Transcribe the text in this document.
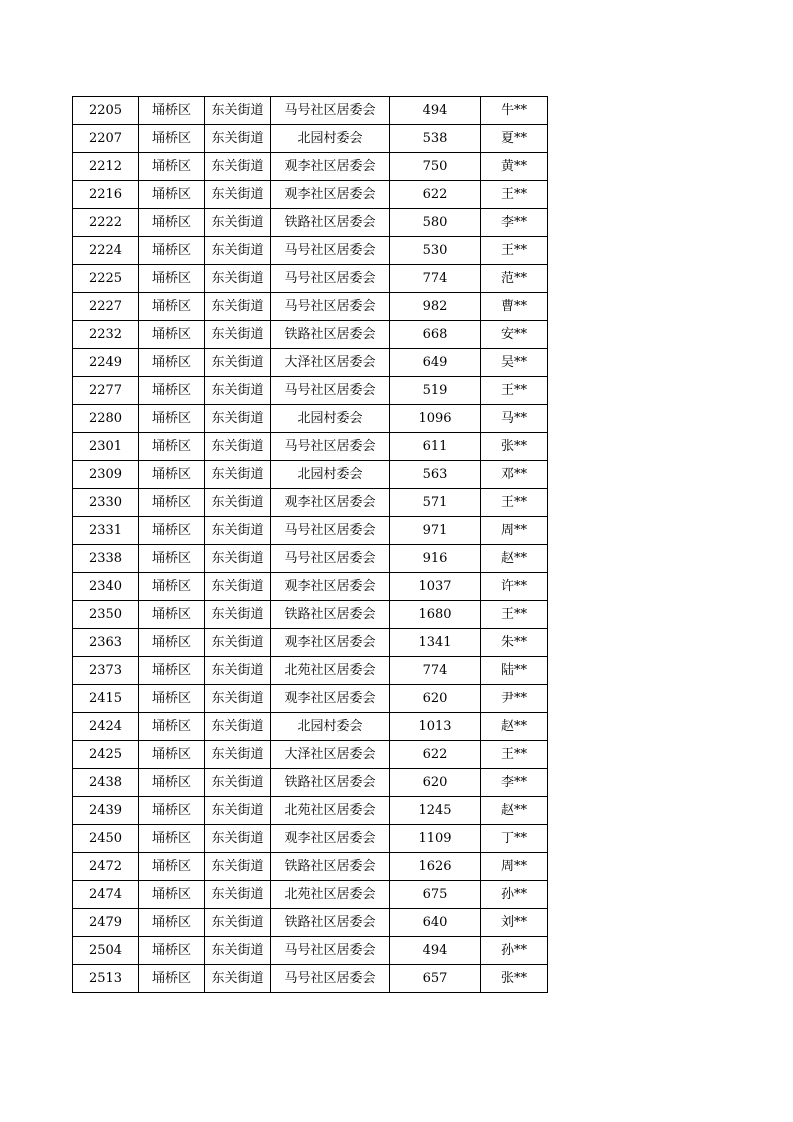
2205	埇桥区	东关街道	马号社区居委会	494	牛**
2207	埇桥区	东关街道	北园村委会	538	夏**
2212	埇桥区	东关街道	观李社区居委会	750	黄**
2216	埇桥区	东关街道	观李社区居委会	622	王**
2222	埇桥区	东关街道	铁路社区居委会	580	李**
2224	埇桥区	东关街道	马号社区居委会	530	王**
2225	埇桥区	东关街道	马号社区居委会	774	范**
2227	埇桥区	东关街道	马号社区居委会	982	曹**
2232	埇桥区	东关街道	铁路社区居委会	668	安**
2249	埇桥区	东关街道	大泽社区居委会	649	吴**
2277	埇桥区	东关街道	马号社区居委会	519	王**
2280	埇桥区	东关街道	北园村委会	1096	马**
2301	埇桥区	东关街道	马号社区居委会	611	张**
2309	埇桥区	东关街道	北园村委会	563	邓**
2330	埇桥区	东关街道	观李社区居委会	571	王**
2331	埇桥区	东关街道	马号社区居委会	971	周**
2338	埇桥区	东关街道	马号社区居委会	916	赵**
2340	埇桥区	东关街道	观李社区居委会	1037	许**
2350	埇桥区	东关街道	铁路社区居委会	1680	王**
2363	埇桥区	东关街道	观李社区居委会	1341	朱**
2373	埇桥区	东关街道	北苑社区居委会	774	陆**
2415	埇桥区	东关街道	观李社区居委会	620	尹**
2424	埇桥区	东关街道	北园村委会	1013	赵**
2425	埇桥区	东关街道	大泽社区居委会	622	王**
2438	埇桥区	东关街道	铁路社区居委会	620	李**
2439	埇桥区	东关街道	北苑社区居委会	1245	赵**
2450	埇桥区	东关街道	观李社区居委会	1109	丁**
2472	埇桥区	东关街道	铁路社区居委会	1626	周**
2474	埇桥区	东关街道	北苑社区居委会	675	孙**
2479	埇桥区	东关街道	铁路社区居委会	640	刘**
2504	埇桥区	东关街道	马号社区居委会	494	孙**
2513	埇桥区	东关街道	马号社区居委会	657	张**
